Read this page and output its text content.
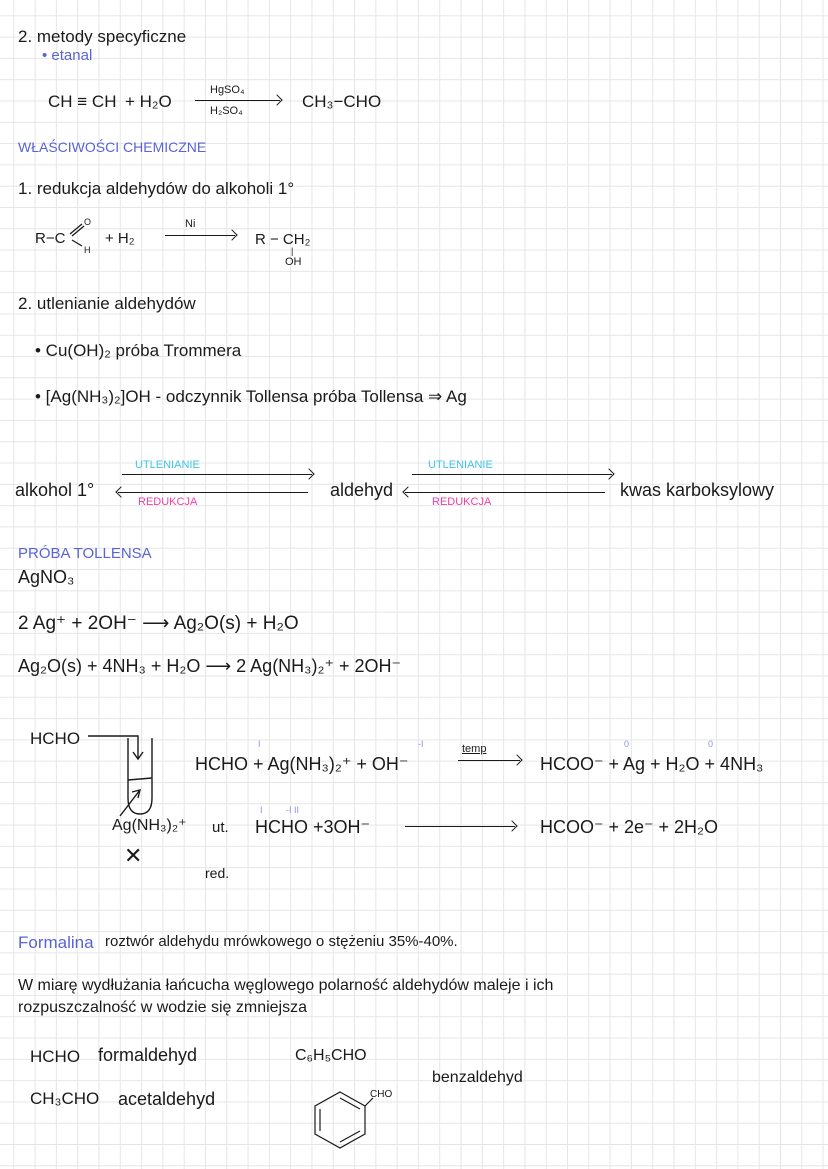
2. metody specyficzne
• etanal
CH ≡ CH + H₂O
HgSO₄
H₂SO₄	CH₃−CHO
WŁAŚCIWOŚCI CHEMICZNE
1. redukcja aldehydów do alkoholi 1°
R−C
O
H
+ H₂
Ni
R − CH₂
|
OH
2. utlenianie aldehydów
• Cu(OH)₂ próba Trommera
• [Ag(NH₃)₂]OH - odczynnik Tollensa próba Tollensa ⇒ Ag
alkohol 1°
UTLENIANIE
REDUKCJA
aldehyd
UTLENIANIE
REDUKCJA
kwas karboksylowy
PRÓBA TOLLENSA
AgNO₃
2 Ag⁺ + 2OH⁻ ⟶ Ag₂O(s) + H₂O
Ag₂O(s) + 4NH₃ + H₂O ⟶ 2 Ag(NH₃)₂⁺ + 2OH⁻
HCHO	I	-I
HCHO + Ag(NH₃)₂⁺ + OH⁻
temp	0	0
HCOO⁻ + Ag + H₂O + 4NH₃
Ag(NH₃)₂⁺ ut.
I	-I II
HCHO +3OH⁻	HCOO⁻ + 2e⁻ + 2H₂O
✕
red.
Formalina roztwór aldehydu mrówkowego o stężeniu 35%-40%.
W miarę wydłużania łańcucha węglowego polarność aldehydów maleje i ich
rozpuszczalność w wodzie się zmniejsza
HCHO formaldehyd	C₆H₅CHO
benzaldehyd
CH₃CHO acetaldehyd	CHO
